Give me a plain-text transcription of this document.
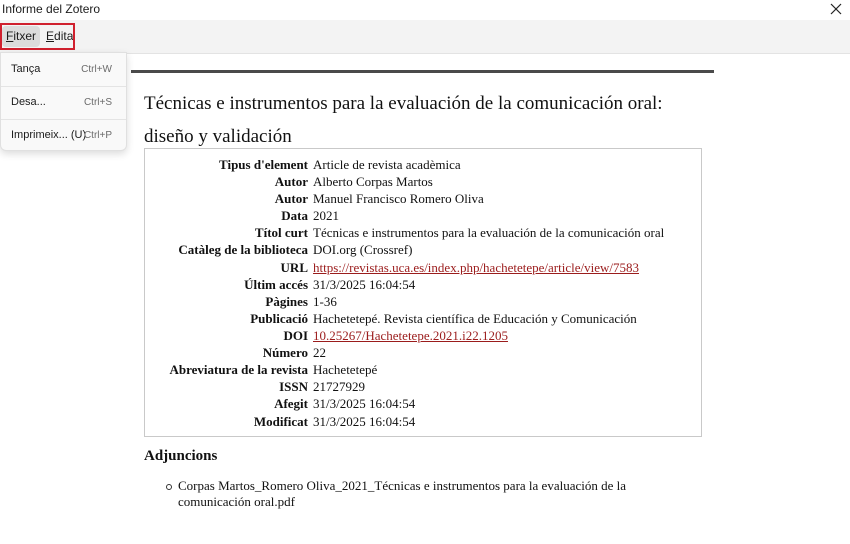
Informe del Zotero
Fitxer Edita
Tança	Ctrl+W
Desa...	Ctrl+S
Imprimeix... (U)
Ctrl+P
Técnicas e instrumentos para la evaluación de la comunicación oral: diseño y validación
Tipus d'element Article de revista acadèmica
Autor Alberto Corpas Martos
Autor Manuel Francisco Romero Oliva
Data 2021
Títol curt Técnicas e instrumentos para la evaluación de la comunicación oral
Catàleg de la biblioteca DOI.org (Crossref)
URL https://revistas.uca.es/index.php/hachetetepe/article/view/7583
Últim accés 31/3/2025 16:04:54
Pàgines 1-36
Publicació Hachetetepé. Revista científica de Educación y Comunicación
DOI 10.25267/Hachetetepe.2021.i22.1205
Número 22
Abreviatura de la revista Hachetetepé
ISSN 21727929
Afegit 31/3/2025 16:04:54
Modificat 31/3/2025 16:04:54
Adjuncions
Corpas Martos_Romero Oliva_2021_Técnicas e instrumentos para la evaluación de la comunicación oral.pdf
